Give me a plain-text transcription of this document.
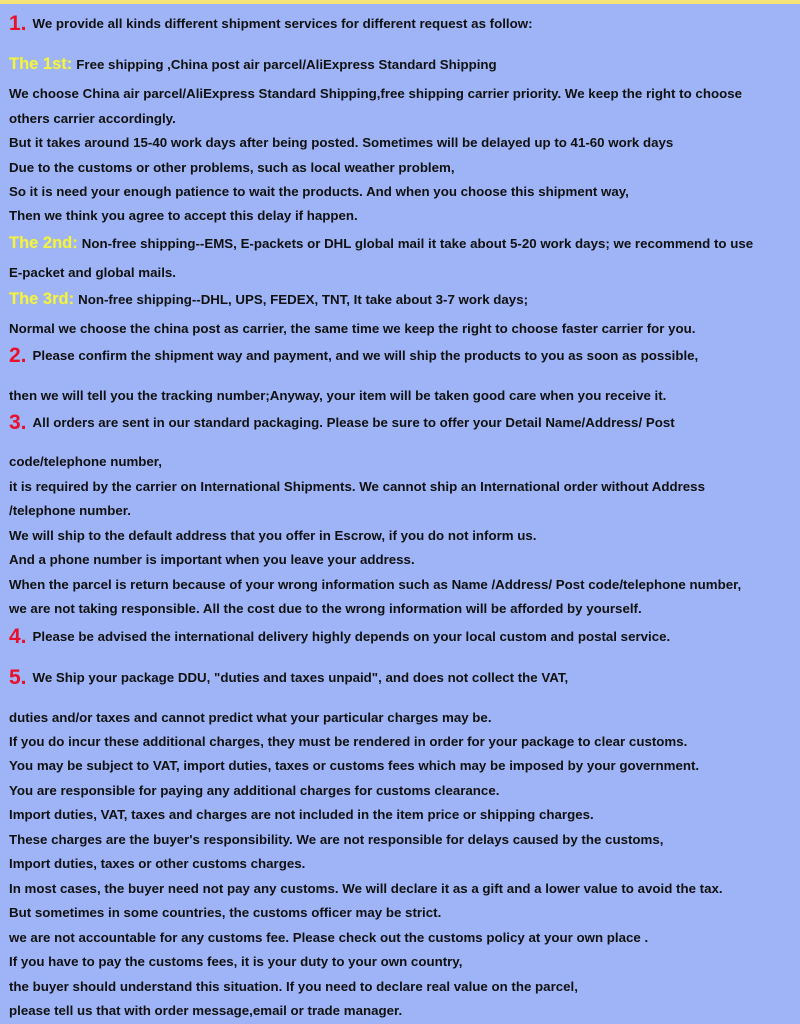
1. We provide all kinds different shipment services for different request as follow:
The 1st: Free shipping ,China post air parcel/AliExpress Standard Shipping
We choose China air parcel/AliExpress Standard Shipping,free shipping carrier priority. We keep the right to choose
others carrier accordingly.
But it takes around 15-40 work days after being posted. Sometimes will be delayed up to 41-60 work days
Due to the customs or other problems, such as local weather problem,
So it is need your enough patience to wait the products. And when you choose this shipment way,
Then we think you agree to accept this delay if happen.
The 2nd: Non-free shipping--EMS, E-packets or DHL global mail it take about 5-20 work days; we recommend to use
E-packet and global mails.
The 3rd: Non-free shipping--DHL, UPS, FEDEX, TNT, It take about 3-7 work days;
Normal we choose the china post as carrier, the same time we keep the right to choose faster carrier for you.
2. Please confirm the shipment way and payment, and we will ship the products to you as soon as possible,
then we will tell you the tracking number;Anyway, your item will be taken good care when you receive it.
3. All orders are sent in our standard packaging. Please be sure to offer your Detail Name/Address/ Post
code/telephone number,
it is required by the carrier on International Shipments. We cannot ship an International order without Address
/telephone number.
We will ship to the default address that you offer in Escrow, if you do not inform us.
And a phone number is important when you leave your address.
When the parcel is return because of your wrong information such as Name /Address/ Post code/telephone number,
we are not taking responsible. All the cost due to the wrong information will be afforded by yourself.
4. Please be advised the international delivery highly depends on your local custom and postal service.
5. We Ship your package DDU, "duties and taxes unpaid", and does not collect the VAT,
duties and/or taxes and cannot predict what your particular charges may be.
If you do incur these additional charges, they must be rendered in order for your package to clear customs.
You may be subject to VAT, import duties, taxes or customs fees which may be imposed by your government.
You are responsible for paying any additional charges for customs clearance.
Import duties, VAT, taxes and charges are not included in the item price or shipping charges.
These charges are the buyer's responsibility. We are not responsible for delays caused by the customs,
Import duties, taxes or other customs charges.
In most cases, the buyer need not pay any customs. We will declare it as a gift and a lower value to avoid the tax.
But sometimes in some countries, the customs officer may be strict.
we are not accountable for any customs fee. Please check out the customs policy at your own place .
If you have to pay the customs fees, it is your duty to your own country,
the buyer should understand this situation. If you need to declare real value on the parcel,
please tell us that with order message,email or trade manager.
